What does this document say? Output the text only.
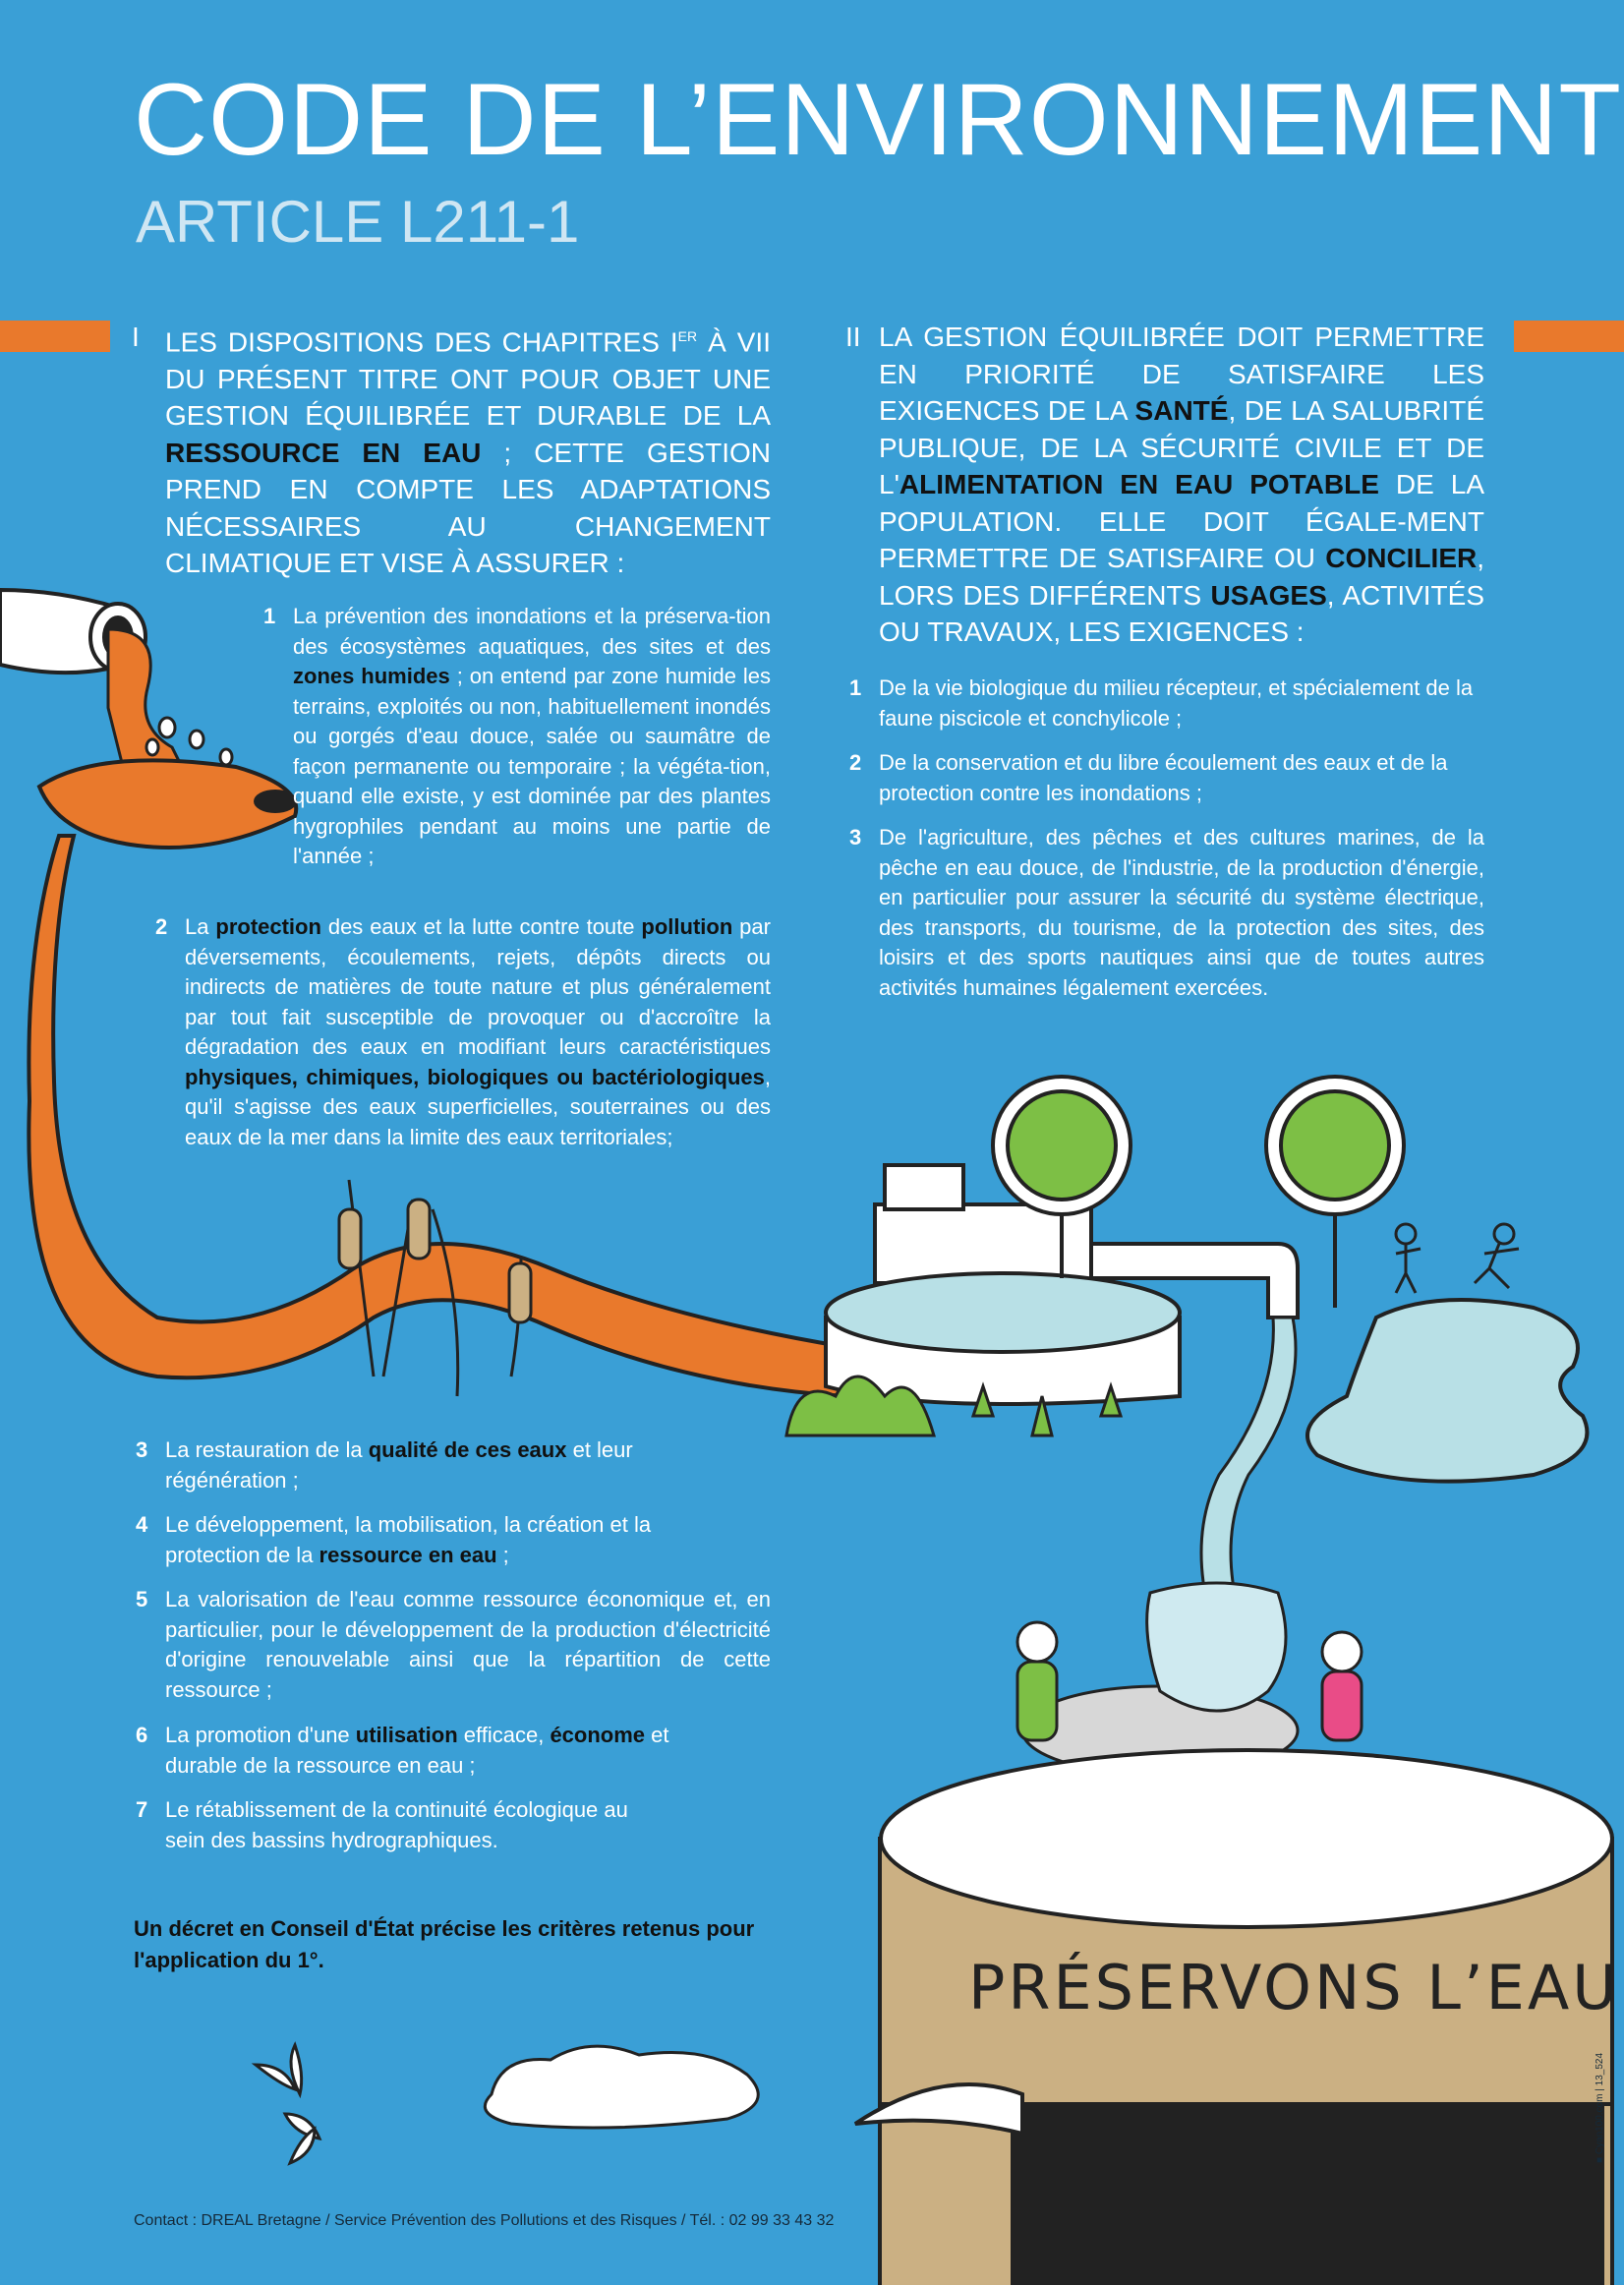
CODE DE L’ENVIRONNEMENT
ARTICLE L211-1
I LES DISPOSITIONS DES CHAPITRES IER À VII DU PRÉSENT TITRE ONT POUR OBJET UNE GESTION ÉQUILIBRÉE ET DURABLE DE LA RESSOURCE EN EAU ; CETTE GESTION PREND EN COMPTE LES ADAPTATIONS NÉCESSAIRES AU CHANGEMENT CLIMATIQUE ET VISE À ASSURER :
II LA GESTION ÉQUILIBRÉE DOIT PERMETTRE EN PRIORITÉ DE SATISFAIRE LES EXIGENCES DE LA SANTÉ, DE LA SALUBRITÉ PUBLIQUE, DE LA SÉCURITÉ CIVILE ET DE L'ALIMENTATION EN EAU POTABLE DE LA POPULATION. ELLE DOIT ÉGALE-MENT PERMETTRE DE SATISFAIRE OU CONCILIER, LORS DES DIFFÉRENTS USAGES, ACTIVITÉS OU TRAVAUX, LES EXIGENCES :
1 La prévention des inondations et la préserva-tion des écosystèmes aquatiques, des sites et des zones humides ; on entend par zone humide les terrains, exploités ou non, habituellement inondés ou gorgés d'eau douce, salée ou saumâtre de façon permanente ou temporaire ; la végéta-tion, quand elle existe, y est dominée par des plantes hygrophiles pendant au moins une partie de l'année ;
2 La protection des eaux et la lutte contre toute pollution par déversements, écoulements, rejets, dépôts directs ou indirects de matières de toute nature et plus généralement par tout fait susceptible de provoquer ou d'accroître la dégradation des eaux en modifiant leurs caractéristiques physiques, chimiques, biologiques ou bactériologiques, qu'il s'agisse des eaux superficielles, souterraines ou des eaux de la mer dans la limite des eaux territoriales;
3 La restauration de la qualité de ces eaux et leur régénération ;
4 Le développement, la mobilisation, la création et la protection de la ressource en eau ;
5 La valorisation de l'eau comme ressource économique et, en particulier, pour le développement de la production d'électricité d'origine renouvelable ainsi que la répartition de cette ressource ;
6 La promotion d'une utilisation efficace, économe et durable de la ressource en eau ;
7 Le rétablissement de la continuité écologique au sein des bassins hydrographiques.
1 De la vie biologique du milieu récepteur, et spécialement de la faune piscicole et conchylicole ;
2 De la conservation et du libre écoulement des eaux et de la protection contre les inondations ;
3 De l'agriculture, des pêches et des cultures marines, de la pêche en eau douce, de l'industrie, de la production d'énergie, en particulier pour assurer la sécurité du système électrique, des transports, du tourisme, de la protection des sites, des loisirs et des sports nautiques ainsi que de toutes autres activités humaines légalement exercées.
Un décret en Conseil d'État précise les critères retenus pour l'application du 1°.	PRÉSERVONS L’EAU
Contact : DREAL Bretagne / Service Prévention des Pollutions et des Risques / Tél. : 02 99 33 43 32
■ Cyan100.com | 13_524
